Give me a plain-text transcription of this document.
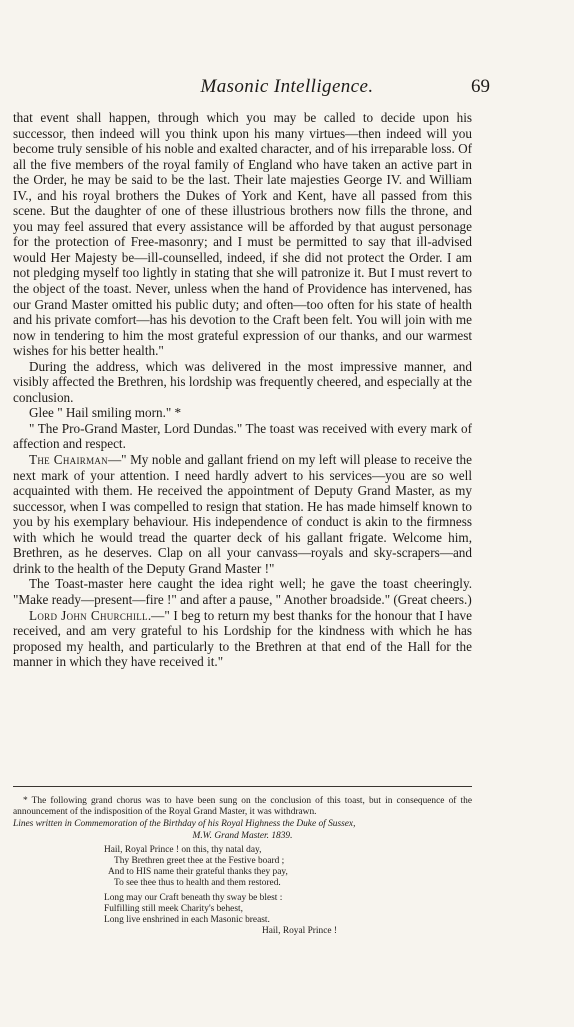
Masonic Intelligence.	69

that event shall happen, through which you may be called to decide upon his successor, then indeed will you think upon his many virtues—then indeed will you become truly sensible of his noble and exalted character, and of his irreparable loss. Of all the five members of the royal family of England who have taken an active part in the Order, he may be said to be the last. Their late majesties George IV. and William IV., and his royal brothers the Dukes of York and Kent, have all passed from this scene. But the daughter of one of these illustrious brothers now fills the throne, and you may feel assured that every assistance will be afforded by that august personage for the protection of Free-masonry; and I must be permitted to say that ill-advised would Her Majesty be—ill-counselled, indeed, if she did not protect the Order. I am not pledging myself too lightly in stating that she will patronize it. But I must revert to the object of the toast. Never, unless when the hand of Providence has intervened, has our Grand Master omitted his public duty; and often—too often for his state of health and his private comfort—has his devotion to the Craft been felt. You will join with me now in tendering to him the most grateful expression of our thanks, and our warmest wishes for his better health."

During the address, which was delivered in the most impressive manner, and visibly affected the Brethren, his lordship was frequently cheered, and especially at the conclusion.

Glee " Hail smiling morn." *

" The Pro-Grand Master, Lord Dundas." The toast was received with every mark of affection and respect.

The Chairman—" My noble and gallant friend on my left will please to receive the next mark of your attention. I need hardly advert to his services—you are so well acquainted with them. He received the appointment of Deputy Grand Master, as my successor, when I was compelled to resign that station. He has made himself known to you by his exemplary behaviour. His independence of conduct is akin to the firmness with which he would tread the quarter deck of his gallant frigate. Welcome him, Brethren, as he deserves. Clap on all your canvass—royals and sky-scrapers—and drink to the health of the Deputy Grand Master !"

The Toast-master here caught the idea right well; he gave the toast cheeringly. "Make ready—present—fire !" and after a pause, " Another broadside." (Great cheers.)

Lord John Churchill.—" I beg to return my best thanks for the honour that I have received, and am very grateful to his Lordship for the kindness with which he has proposed my health, and particularly to the Brethren at that end of the Hall for the manner in which they have received it."

* The following grand chorus was to have been sung on the conclusion of this toast, but in consequence of the announcement of the indisposition of the Royal Grand Master, it was withdrawn.

Lines written in Commemoration of the Birthday of his Royal Highness the Duke of Sussex,
M.W. Grand Master. 1839.

Hail, Royal Prince ! on this, thy natal day,
Thy Brethren greet thee at the Festive board ;
And to HIS name their grateful thanks they pay,
To see thee thus to health and them restored.
Long may our Craft beneath thy sway be blest :
Fulfilling still meek Charity's behest,
Long live enshrined in each Masonic breast.
Hail, Royal Prince !
